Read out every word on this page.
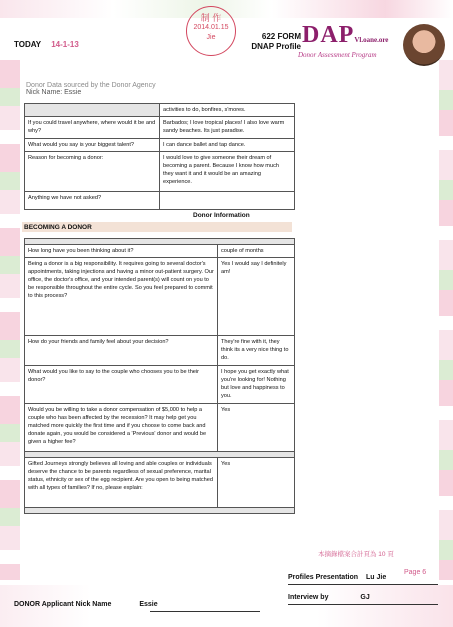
TODAY 14-1-13
制 作
2014.01.15
Jie	622 FORM
DNAP Profile DAPVl.oane.ore
Donor Assessment Program
Donor Data sourced by the Donor Agency
Nick Name: Essie
	activities to do, bonfires, s'mores.
If you could travel anywhere, where would it be and why?	Barbados; I love tropical places! I also love warm sandy beaches. Its just paradise.
What would you say is your biggest talent?	I can dance ballet and tap dance.
Reason for becoming a donor:	I would love to give someone their dream of becoming a parent. Because I know how much they want it and it would be an amazing experience.
Anything we have not asked?	
Donor Information
BECOMING A DONOR

How long have you been thinking about it?	couple of months
Being a donor is a big responsibility. It requires going to several doctor's appointments, taking injections and having a minor out-patient surgery. Our office, the doctor's office, and your intended parent(s) will count on you to be responsible throughout the entire cycle. So you feel prepared to commit to this process?	Yes I would say I definitely am!
How do your friends and family feel about your decision?	They're fine with it, they think its a very nice thing to do.
What would you like to say to the couple who chooses you to be their donor?	I hope you get exactly what you're looking for! Nothing but love and happiness to you.
Would you be willing to take a donor compensation of $5,000 to help a couple who has been affected by the recession? It may help get you matched more quickly the first time and if you choose to come back and donate again, you would be considered a 'Previous' donor and would be given a higher fee?	Yes

Gifted Journeys strongly believes all loving and able couples or individuals deserve the chance to be parents regardless of sexual preference, marital status, ethnicity or sex of the egg recipient. Are you open to being matched with all types of families? If no, please explain:	Yes

本摘錄檔案合計頁為 10 頁
Profiles Presentation Lu Jie
Page 6
Interview by	GJ
DONOR Applicant Nick Name	Essie
